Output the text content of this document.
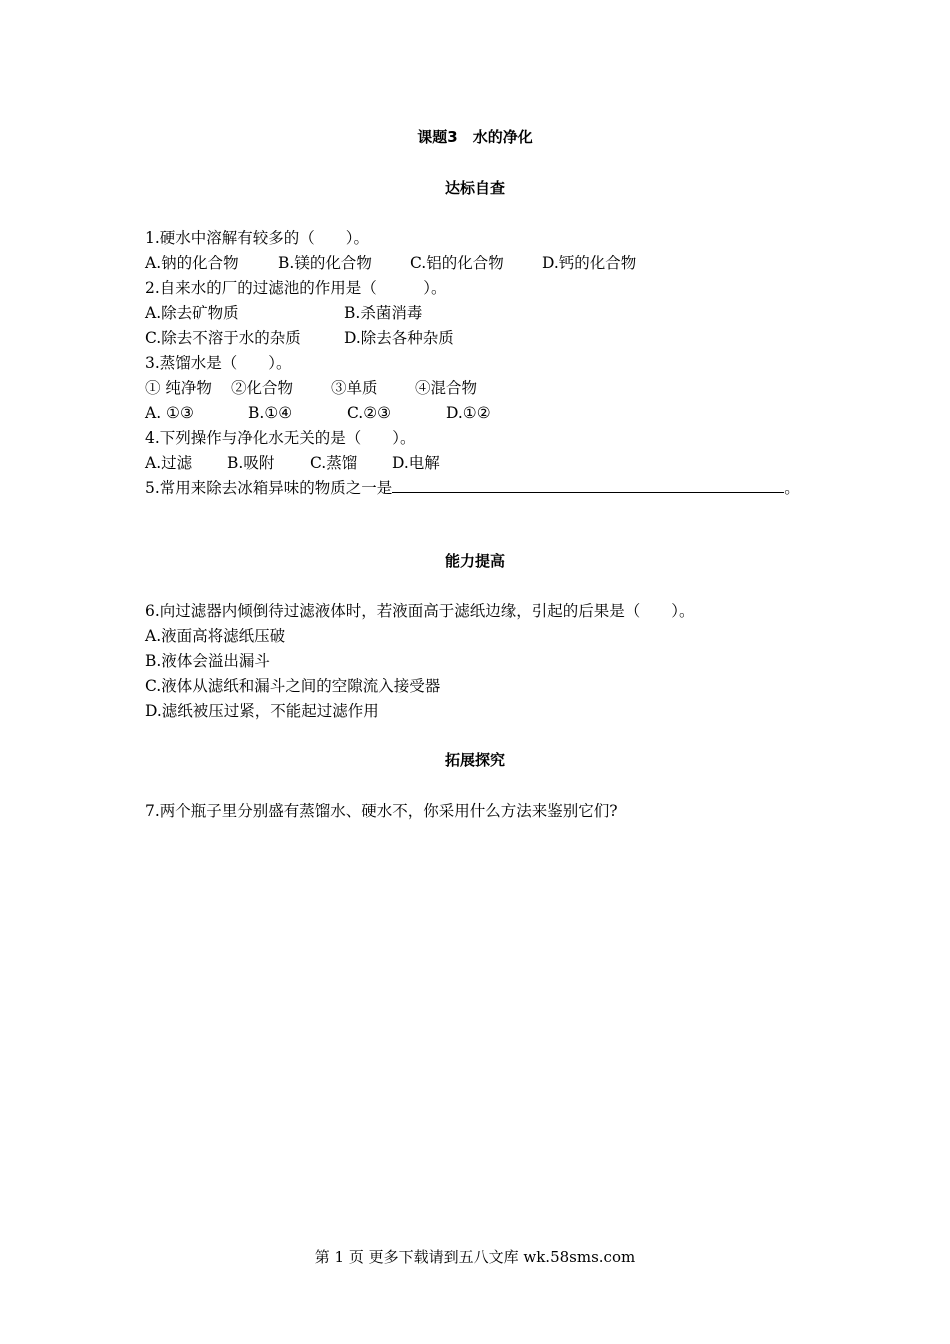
课题3　水的净化
达标自查
1.硬水中溶解有较多的（　　）。
A.钠的化合物	B.镁的化合物 C.铝的化合物 D.钙的化合物
2.自来水的厂的过滤池的作用是（　　　）。
A.除去矿物质	B.杀菌消毒
C.除去不溶于水的杂质	D.除去各种杂质
3.蒸馏水是（　　）。
① 纯净物 ②化合物 ③单质 ④混合物
A. ①③	B.①④	C.②③	D.①②
4.下列操作与净化水无关的是（　　）。
A.过滤 B.吸附 C.蒸馏 D.电解
5.常用来除去冰箱异味的物质之一是	。
能力提高
6.向过滤器内倾倒待过滤液体时，若液面高于滤纸边缘，引起的后果是（　　）。
A.液面高将滤纸压破
B.液体会溢出漏斗
C.液体从滤纸和漏斗之间的空隙流入接受器
D.滤纸被压过紧，不能起过滤作用
拓展探究
7.两个瓶子里分别盛有蒸馏水、硬水不，你采用什么方法来鉴别它们?
第 1 页 更多下载请到五八文库 wk.58sms.com
